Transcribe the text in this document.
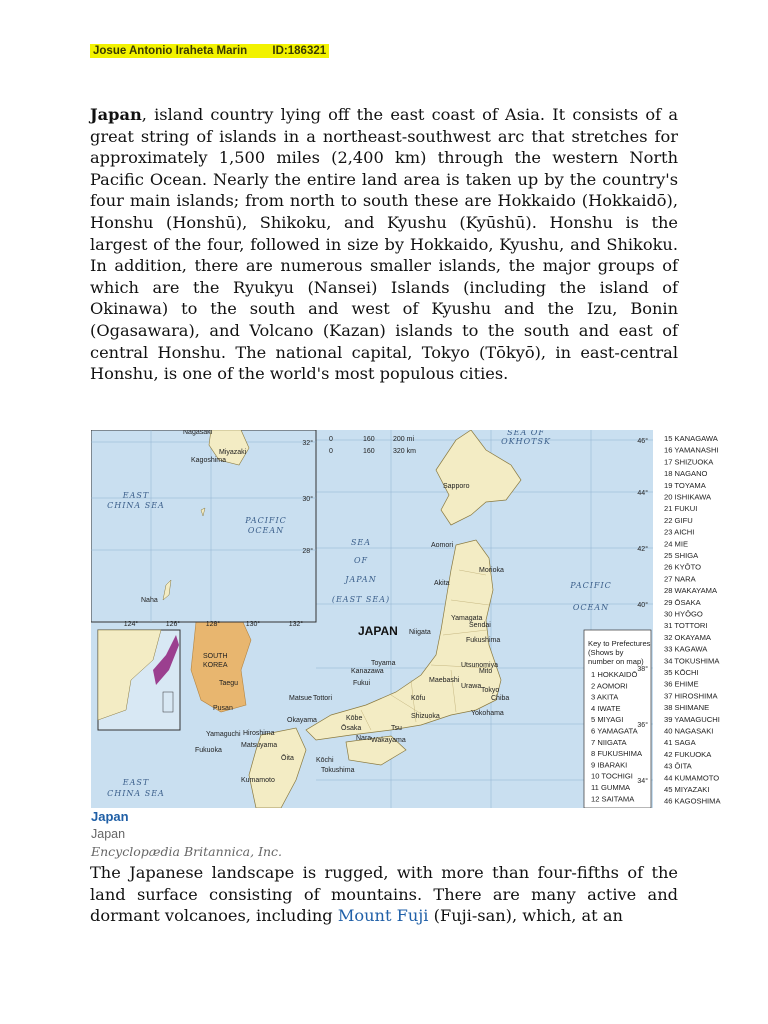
Josue Antonio Iraheta Marin ID:186321

Japan, island country lying off the east coast of Asia. It consists of a great string of islands in a northeast-southwest arc that stretches for approximately 1,500 miles (2,400 km) through the western North Pacific Ocean. Nearly the entire land area is taken up by the country's four main islands; from north to south these are Hokkaido (Hokkaidō), Honshu (Honshū), Shikoku, and Kyushu (Kyūshū). Honshu is the largest of the four, followed in size by Hokkaido, Kyushu, and Shikoku. In addition, there are numerous smaller islands, the major groups of which are the Ryukyu (Nansei) Islands (including the island of Okinawa) to the south and west of Kyushu and the Izu, Bonin (Ogasawara), and Volcano (Kazan) islands to the south and east of central Honshu. The national capital, Tokyo (Tōkyō), in east-central Honshu, is one of the world's most populous cities.

15 KANAGAWA
16 YAMANASHI
17 SHIZUOKA
18 NAGANO
19 TOYAMA
20 ISHIKAWA
21 FUKUI
22 GIFU
23 AICHI
24 MIE
25 SHIGA
26 KYŌTO
27 NARA
28 WAKAYAMA
29 ŌSAKA
30 HYŌGO
31 TOTTORI
32 OKAYAMA
33 KAGAWA
34 TOKUSHIMA
35 KŌCHI
36 EHIME
37 HIROSHIMA
38 SHIMANE
39 YAMAGUCHI
40 NAGASAKI
41 SAGA
42 FUKUOKA
43 ŌITA
44 KUMAMOTO
45 MIYAZAKI
46 KAGOSHIMA
Key to Prefectures
(Shows by
number on map)
1 HOKKAIDŌ
2 AOMORI
3 AKITA
4 IWATE
5 MIYAGI
6 YAMAGATA
7 NIIGATA
8 FUKUSHIMA
9 IBARAKI
10 TOCHIGI
11 GUMMA
12 SAITAMA
46°
44°
42°
40°
38°
36°
34°
32°
30°
28°
124°	126°	128°	130°	132°
0	160	200 mi
0	160	320 km
SEA
OF
JAPAN
(EAST SEA)
SEA OF
OKHOTSK
PACIFIC
OCEAN
EAST
CHINA SEA
EAST
CHINA SEA
PACIFIC
OCEAN
SOUTH
KOREA
JAPAN
Nagasaki
Miyazaki
Kagoshima
Naha
Sapporo
Aomori
Akita
Morioka
Yamagata
Sendai
Niigata
Fukushima
Toyama
Kanazawa
Fukui
Utsunomiya
Mito
Maebashi
Urawa
Tokyo
Chiba
Yokohama
Shizuoka
Kōfu
Matsue Tottori
Okayama	Kōbe
Ōsaka
Nara
Tsu
Wakayama
Hiroshima
Yamaguchi
Fukuoka
Matsuyama
Kōchi
Tokushima
Ōita
Kumamoto
Pusan
Taegu
Japan
Japan
Encyclopædia Britannica, Inc.

The Japanese landscape is rugged, with more than four-fifths of the land surface consisting of mountains. There are many active and dormant volcanoes, including Mount Fuji (Fuji-san), which, at an
